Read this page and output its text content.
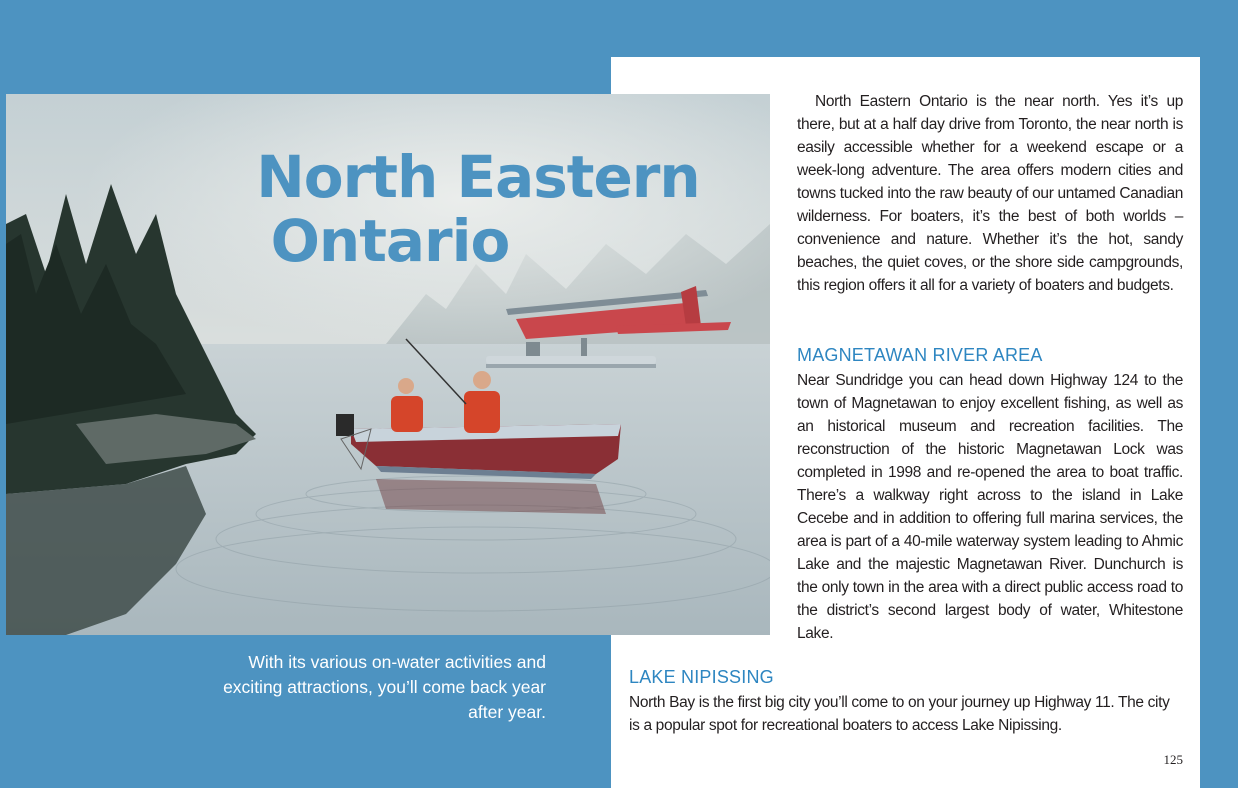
North Eastern
Ontario
With its various on-water activities and exciting attractions, you’ll come back year after year.
North Eastern Ontario is the near north. Yes it’s up there, but at a half day drive from Toronto, the near north is easily accessible whether for a weekend escape or a week-long adventure. The area offers modern cities and towns tucked into the raw beauty of our untamed Canadian wilderness. For boaters, it’s the best of both worlds – convenience and nature. Whether it’s the hot, sandy beaches, the quiet coves, or the shore side campgrounds, this region offers it all for a variety of boaters and budgets.
MAGNETAWAN RIVER AREA
Near Sundridge you can head down Highway 124 to the town of Magnetawan to enjoy excellent fishing, as well as an historical museum and recreation facilities. The reconstruction of the historic Magnetawan Lock was completed in 1998 and re-opened the area to boat traffic. There’s a walkway right across to the island in Lake Cecebe and in addition to offering full marina services, the area is part of a 40-mile waterway system leading to Ahmic Lake and the majestic Magnetawan River. Dunchurch is the only town in the area with a direct public access road to the district’s second largest body of water, Whitestone Lake.
LAKE NIPISSING
North Bay is the first big city you’ll come to on your journey up Highway 11. The city is a popular spot for recreational boaters to access Lake Nipissing.
125
